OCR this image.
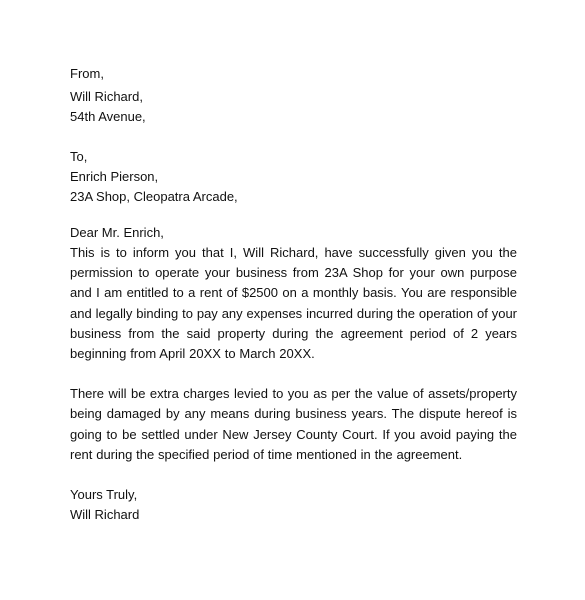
From,
Will Richard,
54th Avenue,
To,
Enrich Pierson,
23A Shop, Cleopatra Arcade,
Dear Mr. Enrich,

This is to inform you that I, Will Richard, have successfully given you the permission to operate your business from 23A Shop for your own purpose and I am entitled to a rent of $2500 on a monthly basis. You are responsible and legally binding to pay any expenses incurred during the operation of your business from the said property during the agreement period of 2 years beginning from April 20XX to March 20XX.

There will be extra charges levied to you as per the value of assets/property being damaged by any means during business years. The dispute hereof is going to be settled under New Jersey County Court. If you avoid paying the rent during the specified period of time mentioned in the agreement.

Yours Truly,
Will Richard
